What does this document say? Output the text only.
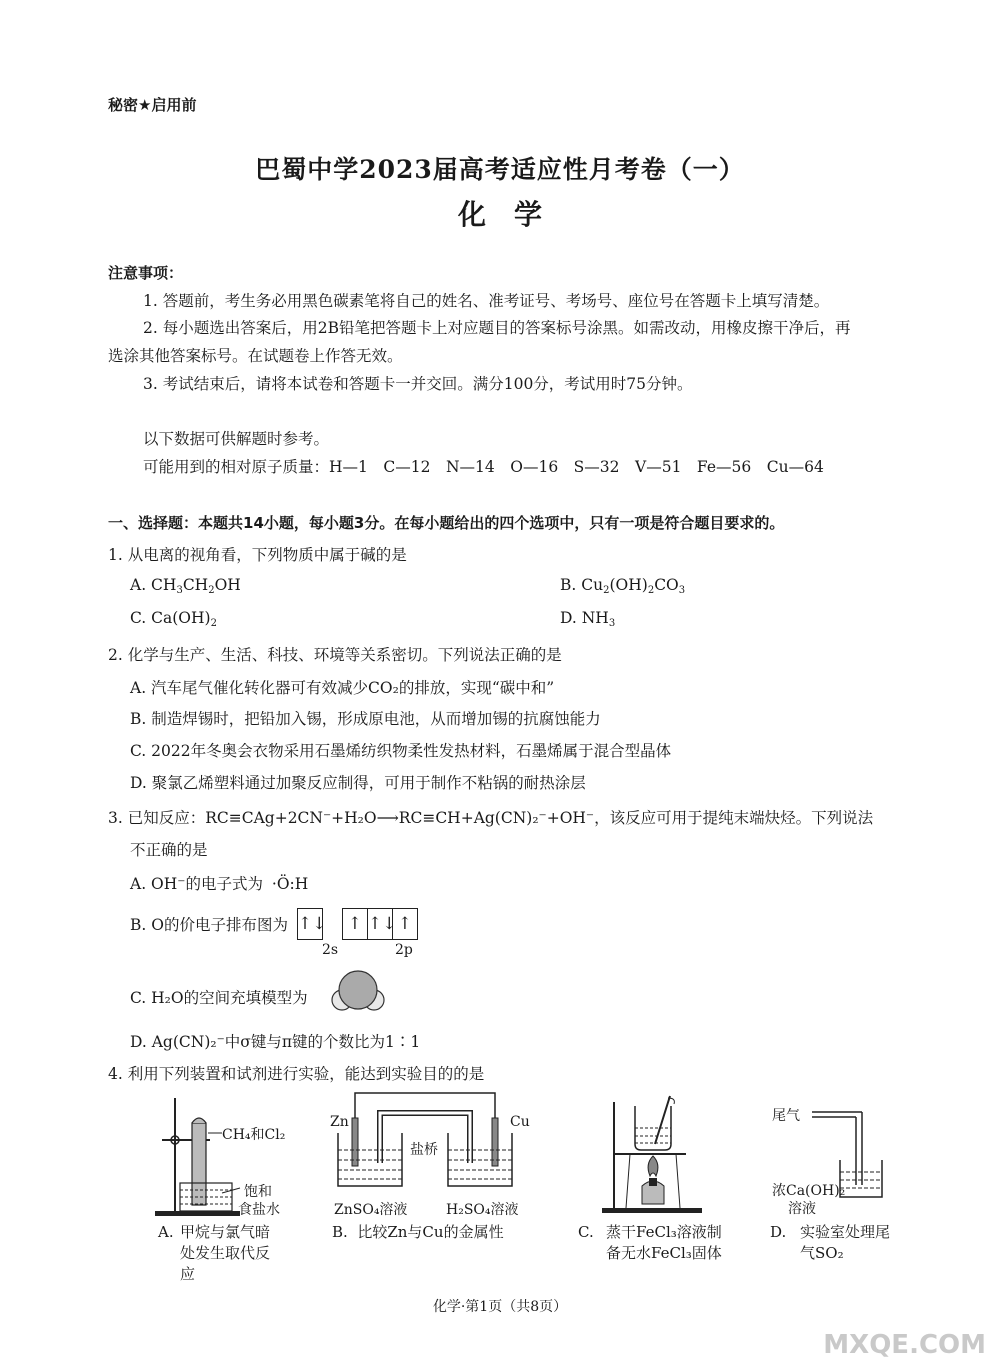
秘密★启用前
巴蜀中学2023届高考适应性月考卷（一）
化学
注意事项：
1. 答题前，考生务必用黑色碳素笔将自己的姓名、准考证号、考场号、座位号在答题卡上填写清楚。
2. 每小题选出答案后，用2B铅笔把答题卡上对应题目的答案标号涂黑。如需改动，用橡皮擦干净后，再
选涂其他答案标号。在试题卷上作答无效。
3. 考试结束后，请将本试卷和答题卡一并交回。满分100分，考试用时75分钟。
以下数据可供解题时参考。
可能用到的相对原子质量：H—1　C—12　N—14　O—16　S—32　V—51　Fe—56　Cu—64
一、选择题：本题共14小题，每小题3分。在每小题给出的四个选项中，只有一项是符合题目要求的。
1. 从电离的视角看，下列物质中属于碱的是
A. $CH_3CH_2OH$	B. $Cu_2(OH)_2CO_3$
C. $Ca(OH)_2$	D. $NH_3$
2. 化学与生产、生活、科技、环境等关系密切。下列说法正确的是
A. 汽车尾气催化转化器可有效减少CO₂的排放，实现“碳中和”
B. 制造焊锡时，把铅加入锡，形成原电池，从而增加锡的抗腐蚀能力
C. 2022年冬奥会衣物采用石墨烯纺织物柔性发热材料，石墨烯属于混合型晶体
D. 聚氯乙烯塑料通过加聚反应制得，可用于制作不粘锅的耐热涂层
3. 已知反应：RC≡CAg+2CN⁻+H₂O⟶RC≡CH+Ag(CN)₂⁻+OH⁻，该反应可用于提纯末端炔烃。下列说法
不正确的是
A. OH⁻的电子式为 ·Ö:H
B. O的价电子排布图为 ↑↓ ↑ ↑↓↑
2s	2p
C. H₂O的空间充填模型为
D. Ag(CN)₂⁻中σ键与π键的个数比为1∶1
4. 利用下列装置和试剂进行实验，能达到实验目的的是
CH₄和Cl₂
饱和
食盐水
A. 甲烷与氯气暗处发生取代反应
Zn	Cu
盐桥
ZnSO₄溶液	H₂SO₄溶液
B. 比较Zn与Cu的金属性	C. 蒸干FeCl₃溶液制备无水FeCl₃固体
尾气
浓Ca(OH)₂
溶液
D. 实验室处理尾气SO₂
化学·第1页（共8页）
MXQE.COM
